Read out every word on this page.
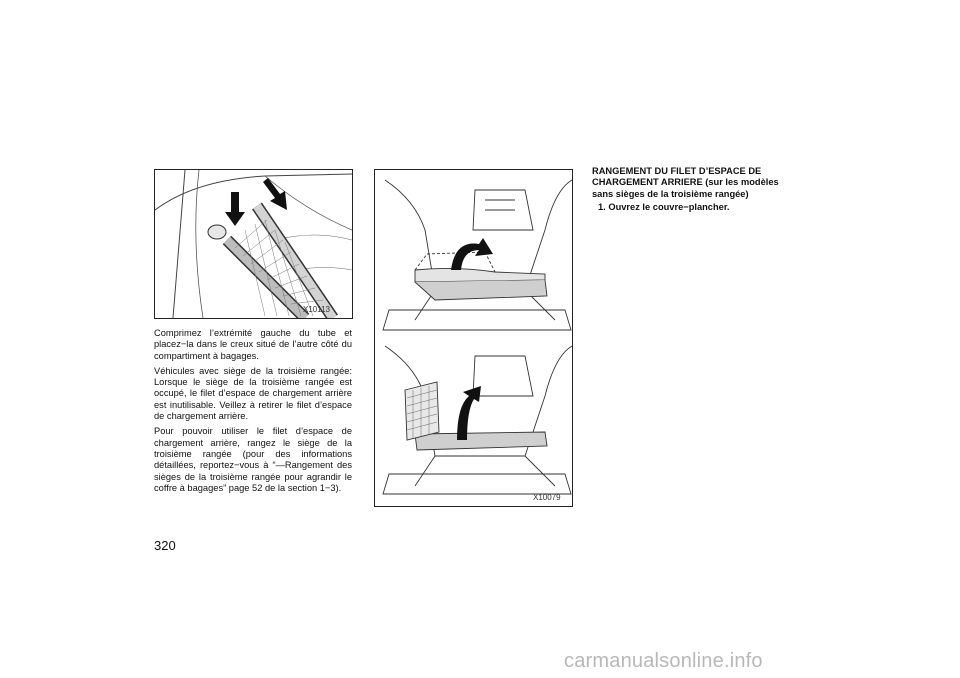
X10113

Comprimez l’extrémité gauche du tube et placez−la dans le creux situé de l’autre côté du compartiment à bagages.

Véhicules avec siège de la troisième rangée: Lorsque le siège de la troisième rangée est occupé, le filet d’espace de chargement arrière est inutilisable. Veillez à retirer le filet d’espace de chargement arrière.

Pour pouvoir utiliser le filet d’espace de chargement arrière, rangez le siège de la troisième rangée (pour des informations détaillées, reportez−vous à “—Rangement des sièges de la troisième rangée pour agrandir le coffre à bagages” page 52 de la section 1−3).

X10079
RANGEMENT DU FILET D’ESPACE DE CHARGEMENT ARRIERE (sur les modèles sans sièges de la troisième rangée)
1. Ouvrez le couvre−plancher.
320
carmanualsonline.info
